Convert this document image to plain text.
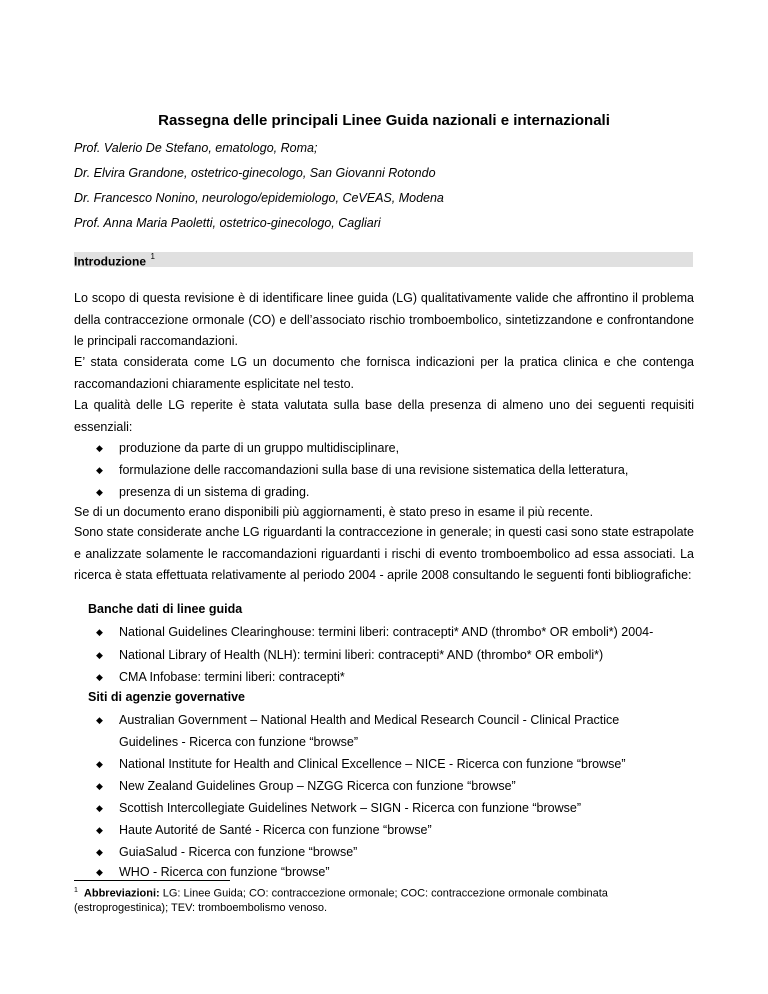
Rassegna delle principali Linee Guida nazionali e internazionali
Prof. Valerio De Stefano, ematologo, Roma;
Dr. Elvira Grandone, ostetrico-ginecologo, San Giovanni Rotondo
Dr. Francesco Nonino, neurologo/epidemiologo, CeVEAS, Modena
Prof. Anna Maria Paoletti, ostetrico-ginecologo, Cagliari
Introduzione $^1$

Lo scopo di questa revisione è di identificare linee guida (LG) qualitativamente valide che affrontino il problema della contraccezione ormonale (CO) e dell’associato rischio tromboembolico, sintetizzandone e confrontandone le principali raccomandazioni.

E’ stata considerata come LG un documento che fornisca indicazioni per la pratica clinica e che contenga raccomandazioni chiaramente esplicitate nel testo.

La qualità delle LG reperite è stata valutata sulla base della presenza di almeno uno dei seguenti requisiti essenziali:

◆ produzione da parte di un gruppo multidisciplinare,
◆ formulazione delle raccomandazioni sulla base di una revisione sistematica della letteratura,
◆ presenza di un sistema di grading.

Se di un documento erano disponibili più aggiornamenti, è stato preso in esame il più recente.

Sono state considerate anche LG riguardanti la contraccezione in generale; in questi casi sono state estrapolate e analizzate solamente le raccomandazioni riguardanti i rischi di evento tromboembolico ad essa associati. La ricerca è stata effettuata relativamente al periodo 2004 - aprile 2008 consultando le seguenti fonti bibliografiche:

Banche dati di linee guida
◆ National Guidelines Clearinghouse: termini liberi: contracepti* AND (thrombo* OR emboli*) 2004-
◆ National Library of Health (NLH): termini liberi: contracepti* AND (thrombo* OR emboli*)
◆ CMA Infobase: termini liberi: contracepti*
Siti di agenzie governative
◆ Australian Government – National Health and Medical Research Council - Clinical Practice
Guidelines - Ricerca con funzione “browse”
◆ National Institute for Health and Clinical Excellence – NICE - Ricerca con funzione “browse”
◆ New Zealand Guidelines Group – NZGG Ricerca con funzione “browse”
◆ Scottish Intercollegiate Guidelines Network – SIGN - Ricerca con funzione “browse”
◆ Haute Autorité de Santé - Ricerca con funzione “browse”
◆ GuiaSalud - Ricerca con funzione “browse”
◆ WHO - Ricerca con funzione “browse”
$^1$ Abbreviazioni: LG: Linee Guida; CO: contraccezione ormonale; COC: contraccezione ormonale combinata (estroprogestinica); TEV: tromboembolismo venoso.
